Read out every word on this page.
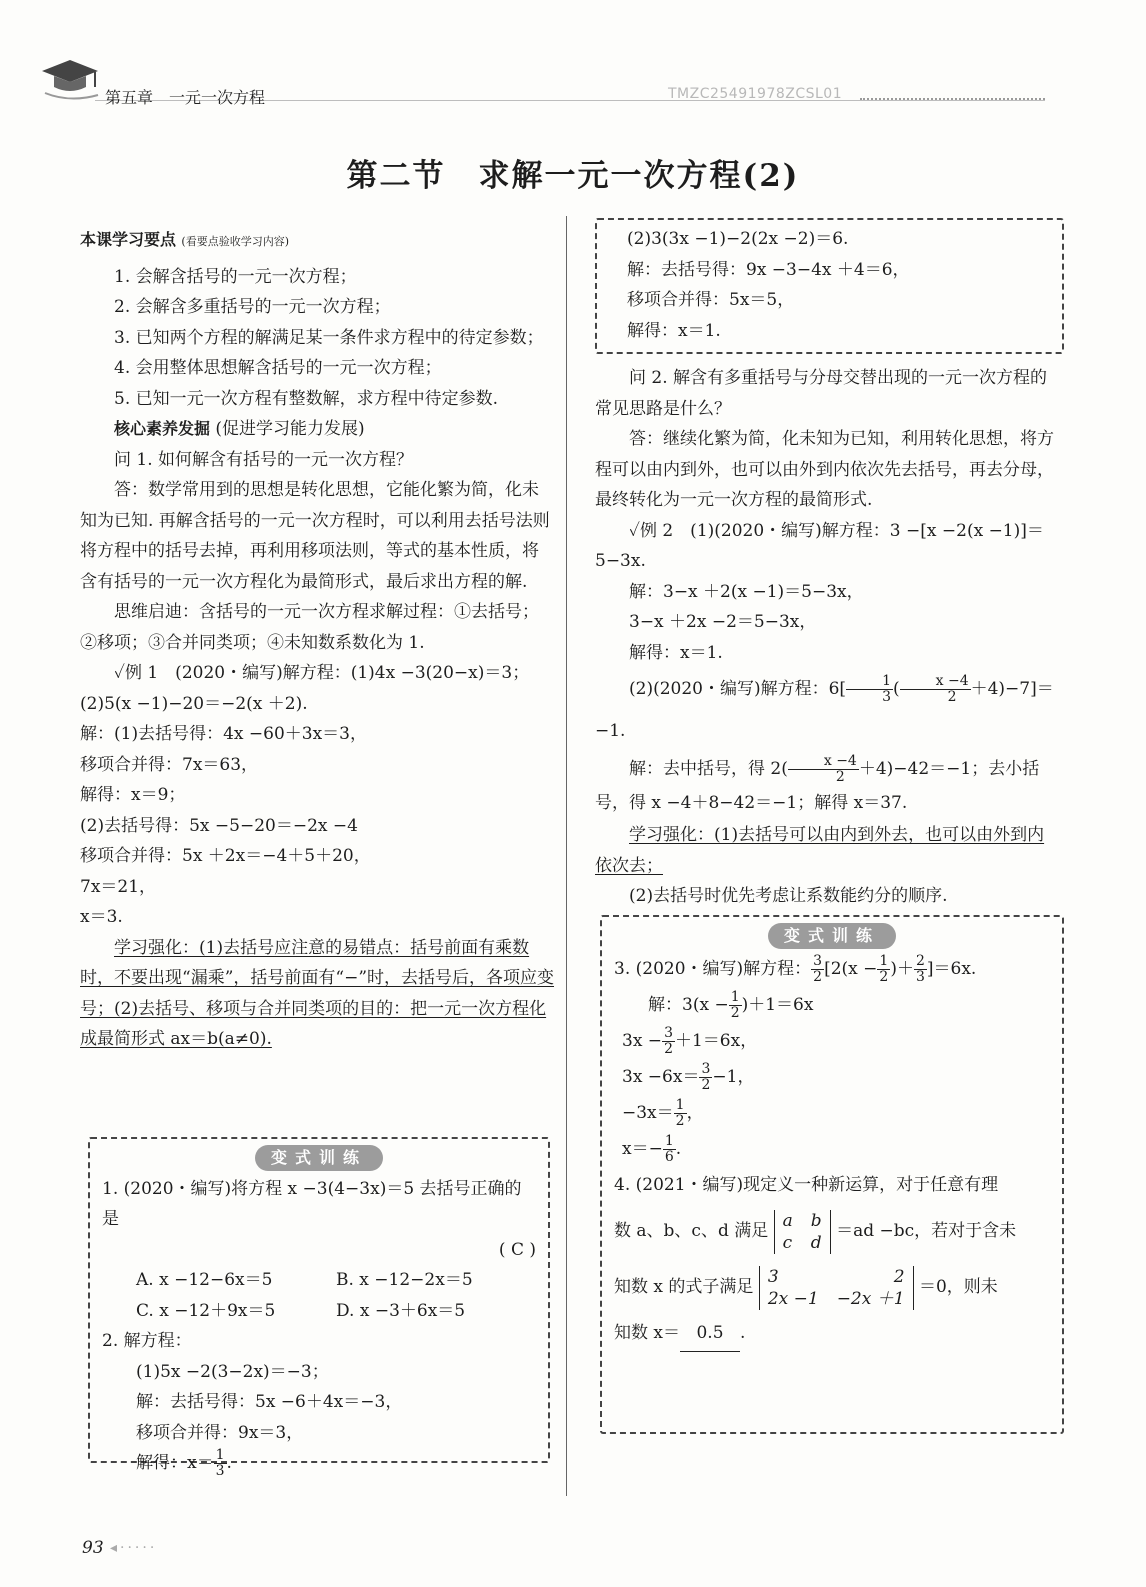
第五章　一元一次方程	TMZC25491978ZCSL01
第二节　求解一元一次方程(2)

本课学习要点 (看要点验收学习内容)

1. 会解含括号的一元一次方程；

2. 会解含多重括号的一元一次方程；

3. 已知两个方程的解满足某一条件求方程中的待定参数；

4. 会用整体思想解含括号的一元一次方程；

5. 已知一元一次方程有整数解，求方程中待定参数.

核心素养发掘 (促进学习能力发展)

问 1. 如何解含有括号的一元一次方程？

答：数学常用到的思想是转化思想，它能化繁为简，化未知为已知. 再解含括号的一元一次方程时，可以利用去括号法则将方程中的括号去掉，再利用移项法则，等式的基本性质，将含有括号的一元一次方程化为最简形式，最后求出方程的解.

思维启迪：含括号的一元一次方程求解过程：①去括号；②移项；③合并同类项；④未知数系数化为 1.

✓例 1　(2020・编写)解方程：(1)4x −3(20−x)＝3；

(2)5(x −1)−20＝−2(x ＋2).

解：(1)去括号得：4x −60＋3x＝3，

移项合并得：7x＝63，

解得：x＝9；

(2)去括号得：5x −5−20＝−2x −4

移项合并得：5x ＋2x＝−4＋5＋20，

7x＝21，

x＝3.

学习强化：(1)去括号应注意的易错点：括号前面有乘数时，不要出现“漏乘”，括号前面有“−”时，去括号后，各项应变号；(2)去括号、移项与合并同类项的目的：把一元一次方程化成最简形式 ax＝b(a≠0).

变式训练

1. (2020・编写)将方程 x −3(4−3x)＝5 去括号正确的是

( C )

A. x −12−6x＝5	B. x −12−2x＝5
C. x −12＋9x＝5	D. x −3＋6x＝5

2. 解方程：

(1)5x −2(3−2x)＝−3；

解：去括号得：5x −6＋4x＝−3，

移项合并得：9x＝3，

解得：$x= \frac{1}{3}$ .

(2)3(3x −1)−2(2x −2)＝6.

解：去括号得：9x −3−4x ＋4＝6，

移项合并得：5x＝5，

解得：x＝1.

问 2. 解含有多重括号与分母交替出现的一元一次方程的常见思路是什么？

答：继续化繁为简，化未知为已知，利用转化思想，将方程可以由内到外，也可以由外到内依次先去括号，再去分母，最终转化为一元一次方程的最简形式.

✓例 2　(1)(2020・编写)解方程：3 −[x −2(x −1)]＝5−3x.

解：3−x ＋2(x −1)＝5−3x，

3−x ＋2x −2＝5−3x，

解得：x＝1.

(2)(2020・编写)解方程：$6[ \frac{1}{3}$ ( $\frac{x -4}{2} +4)-7]=-1$.

解：去中括号，得 $2( \frac{x -4}{2} +4)-42=-1$；去小括号，得 x −4＋8−42＝−1；解得 x＝37.

学习强化：(1)去括号可以由内到外去，也可以由外到内依次去；

(2)去括号时优先考虑让系数能约分的顺序.

变式训练

3. (2020・编写)解方程： $\frac{3}{2} [2(x - \frac{1}{2}$ )＋ $\frac{2}{3} ]=6x$.

解：$3(x - \frac{1}{2} )+1=6x$

$3x - \frac{3}{2} +1=6x$，

$3x -6x= \frac{3}{2} -1$，

$-3x= \frac{1}{2}$ ，

$x=- \frac{1}{6}$ .

4. (2021・编写)现定义一种新运算，对于任意有理

数 a、b、c、d 满足
a b
c d
＝ad −bc，若对于含未

知数 x 的式子满足
3	2
2x −1 −2x ＋1
＝0，则未

知数 x＝ 0.5 .

93 ◂·····
